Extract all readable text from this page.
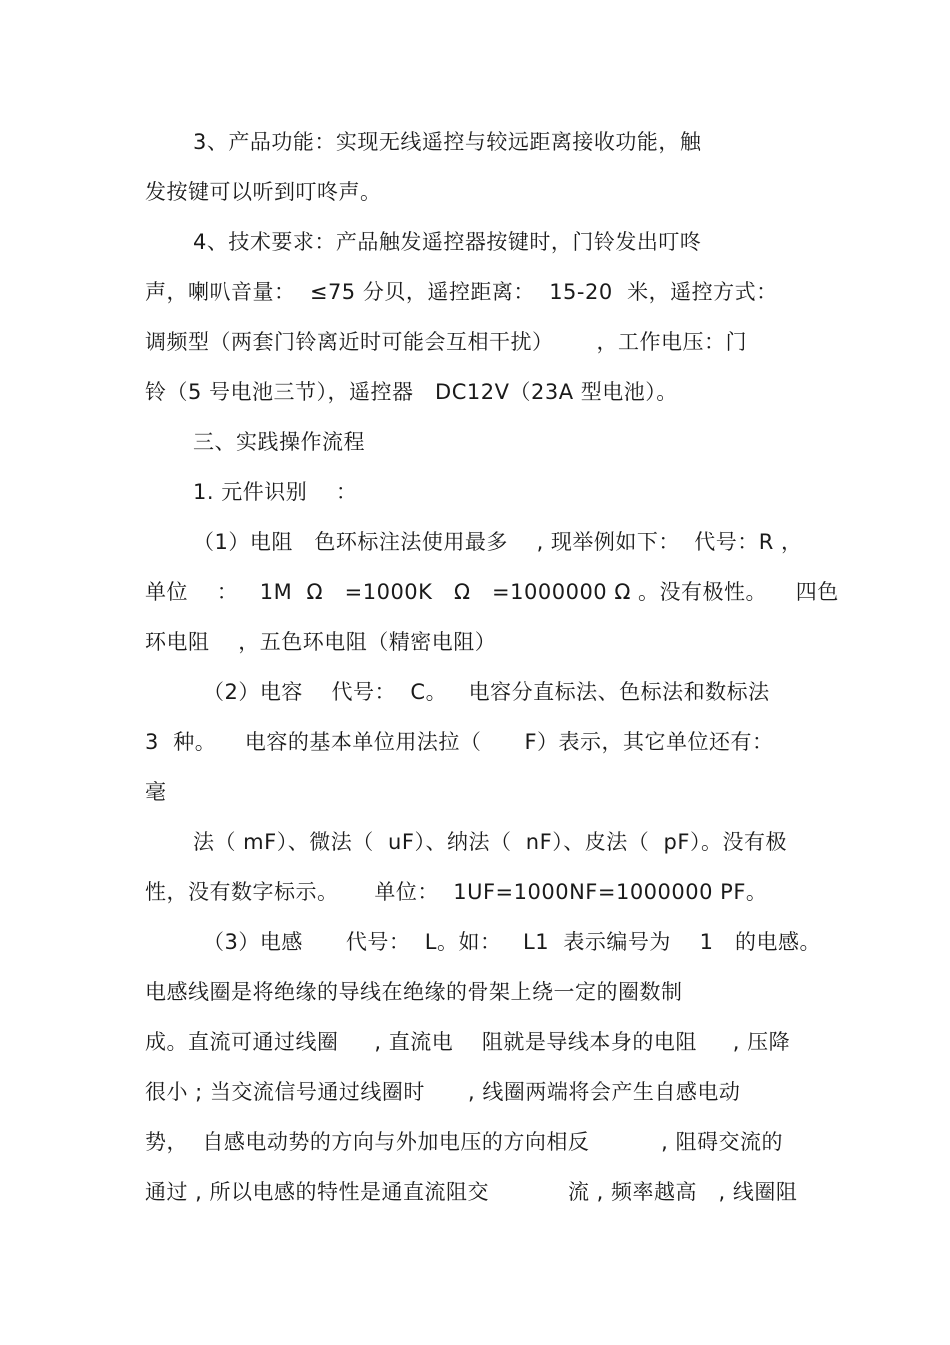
3、产品功能：实现无线遥控与较远距离接收功能，触
发按键可以听到叮咚声。
4、技术要求：产品触发遥控器按键时，门铃发出叮咚
声，喇叭音量：  ≤75 分贝，遥控距离：  15-20  米，遥控方式：
调频型（两套门铃离近时可能会互相干扰）      ，工作电压：门
铃（5 号电池三节），遥控器   DC12V（23A 型电池）。
三、实践操作流程
1. 元件识别    ：
（1）电阻   色环标注法使用最多    , 现举例如下：  代号：R ，
单位    ：   1M  Ω   =1000K   Ω   =1000000 Ω 。没有极性。    四色
环电阻    ，五色环电阻（精密电阻）
（2）电容    代号：  C。   电容分直标法、色标法和数标法
3  种。    电容的基本单位用法拉（      F）表示，其它单位还有：
毫
法（ mF）、微法（  uF）、纳法（  nF）、皮法（  pF）。没有极
性，没有数字标示。     单位：  1UF=1000NF=1000000 PF。
（3）电感      代号：  L。如：   L1  表示编号为    1   的电感。
电感线圈是将绝缘的导线在绝缘的骨架上绕一定的圈数制
成。直流可通过线圈     , 直流电    阻就是导线本身的电阻     , 压降
很小 ; 当交流信号通过线圈时      , 线圈两端将会产生自感电动
势，  自感电动势的方向与外加电压的方向相反          , 阻碍交流的
通过 , 所以电感的特性是通直流阻交           流 , 频率越高   , 线圈阻
